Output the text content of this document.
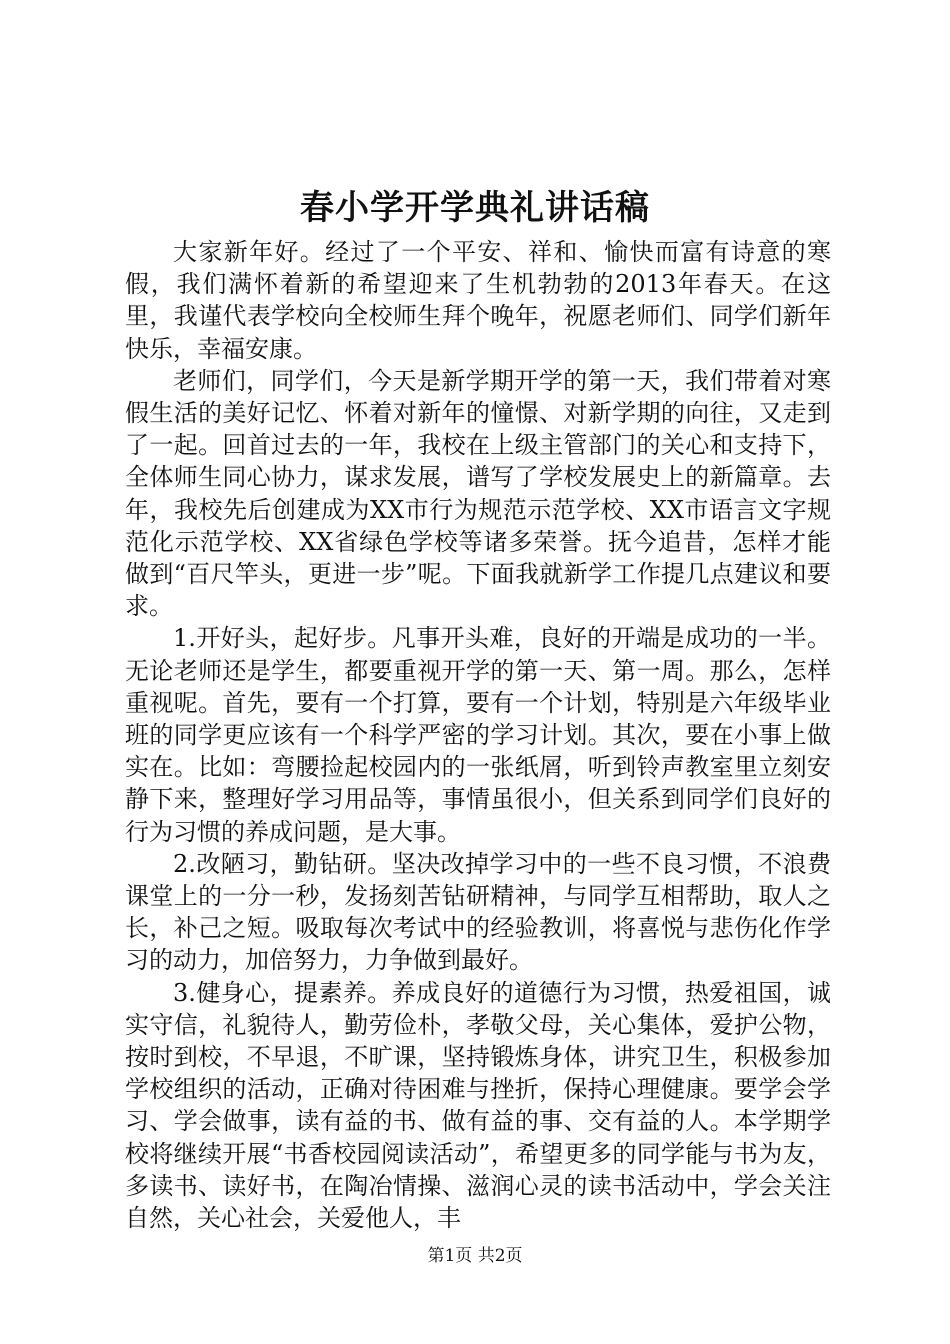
春小学开学典礼讲话稿

大家新年好。经过了一个平安、祥和、愉快而富有诗意的寒假，我们满怀着新的希望迎来了生机勃勃的2013年春天。在这里，我谨代表学校向全校师生拜个晚年，祝愿老师们、同学们新年快乐，幸福安康。

老师们，同学们，今天是新学期开学的第一天，我们带着对寒假生活的美好记忆、怀着对新年的憧憬、对新学期的向往，又走到了一起。回首过去的一年，我校在上级主管部门的关心和支持下，全体师生同心协力，谋求发展，谱写了学校发展史上的新篇章。去年，我校先后创建成为XX市行为规范示范学校、XX市语言文字规范化示范学校、XX省绿色学校等诸多荣誉。抚今追昔，怎样才能做到“百尺竿头，更进一步”呢。下面我就新学工作提几点建议和要求。

1.开好头，起好步。凡事开头难，良好的开端是成功的一半。无论老师还是学生，都要重视开学的第一天、第一周。那么，怎样重视呢。首先，要有一个打算，要有一个计划，特别是六年级毕业班的同学更应该有一个科学严密的学习计划。其次，要在小事上做实在。比如：弯腰捡起校园内的一张纸屑，听到铃声教室里立刻安静下来，整理好学习用品等，事情虽很小，但关系到同学们良好的行为习惯的养成问题，是大事。

2.改陋习，勤钻研。坚决改掉学习中的一些不良习惯，不浪费课堂上的一分一秒，发扬刻苦钻研精神，与同学互相帮助，取人之长，补己之短。吸取每次考试中的经验教训，将喜悦与悲伤化作学习的动力，加倍努力，力争做到最好。

3.健身心，提素养。养成良好的道德行为习惯，热爱祖国，诚实守信，礼貌待人，勤劳俭朴，孝敬父母，关心集体，爱护公物，按时到校，不早退，不旷课，坚持锻炼身体，讲究卫生，积极参加学校组织的活动，正确对待困难与挫折，保持心理健康。要学会学习、学会做事，读有益的书、做有益的事、交有益的人。本学期学校将继续开展“书香校园阅读活动”，希望更多的同学能与书为友，多读书、读好书，在陶冶情操、滋润心灵的读书活动中，学会关注自然，关心社会，关爱他人，丰

第1页 共2页
